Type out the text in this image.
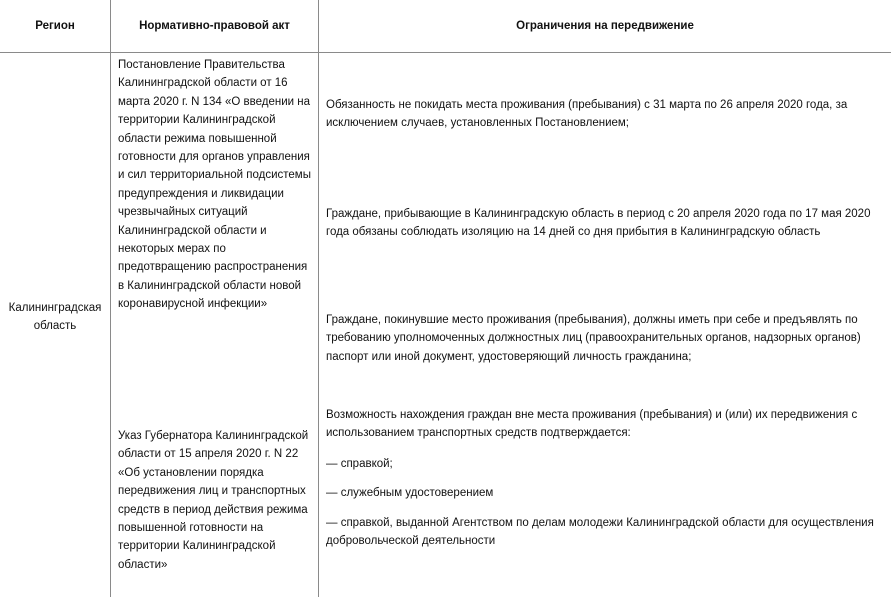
Регион	Нормативно-правовой акт	Ограничения на передвижение
Калининградская область
Постановление Правительства Калининградской области от 16 марта 2020 г. N 134 «О введении на территории Калининградской области режима повышенной готовности для органов управления и сил территориальной подсистемы предупреждения и ликвидации чрезвычайных ситуаций Калининградской области и некоторых мерах по предотвращению распространения в Калининградской области новой коронавирусной инфекции»
Указ Губернатора Калининградской области от 15 апреля 2020 г. N 22 «Об установлении порядка передвижения лиц и транспортных средств в период действия режима повышенной готовности на территории Калининградской области»
Обязанность не покидать места проживания (пребывания) с 31 марта по 26 апреля 2020 года, за исключением случаев, установленных Постановлением;
Граждане, прибывающие в Калининградскую область в период с 20 апреля 2020 года по 17 мая 2020 года обязаны соблюдать изоляцию на 14 дней со дня прибытия в Калининградскую область
Граждане, покинувшие место проживания (пребывания), должны иметь при себе и предъявлять по требованию уполномоченных должностных лиц (правоохранительных органов, надзорных органов) паспорт или иной документ, удостоверяющий личность гражданина;
Возможность нахождения граждан вне места проживания (пребывания) и (или) их передвижения с использованием транспортных средств подтверждается:
— справкой;
— служебным удостоверением
— справкой, выданной Агентством по делам молодежи Калининградской области для осуществления добровольческой деятельности
